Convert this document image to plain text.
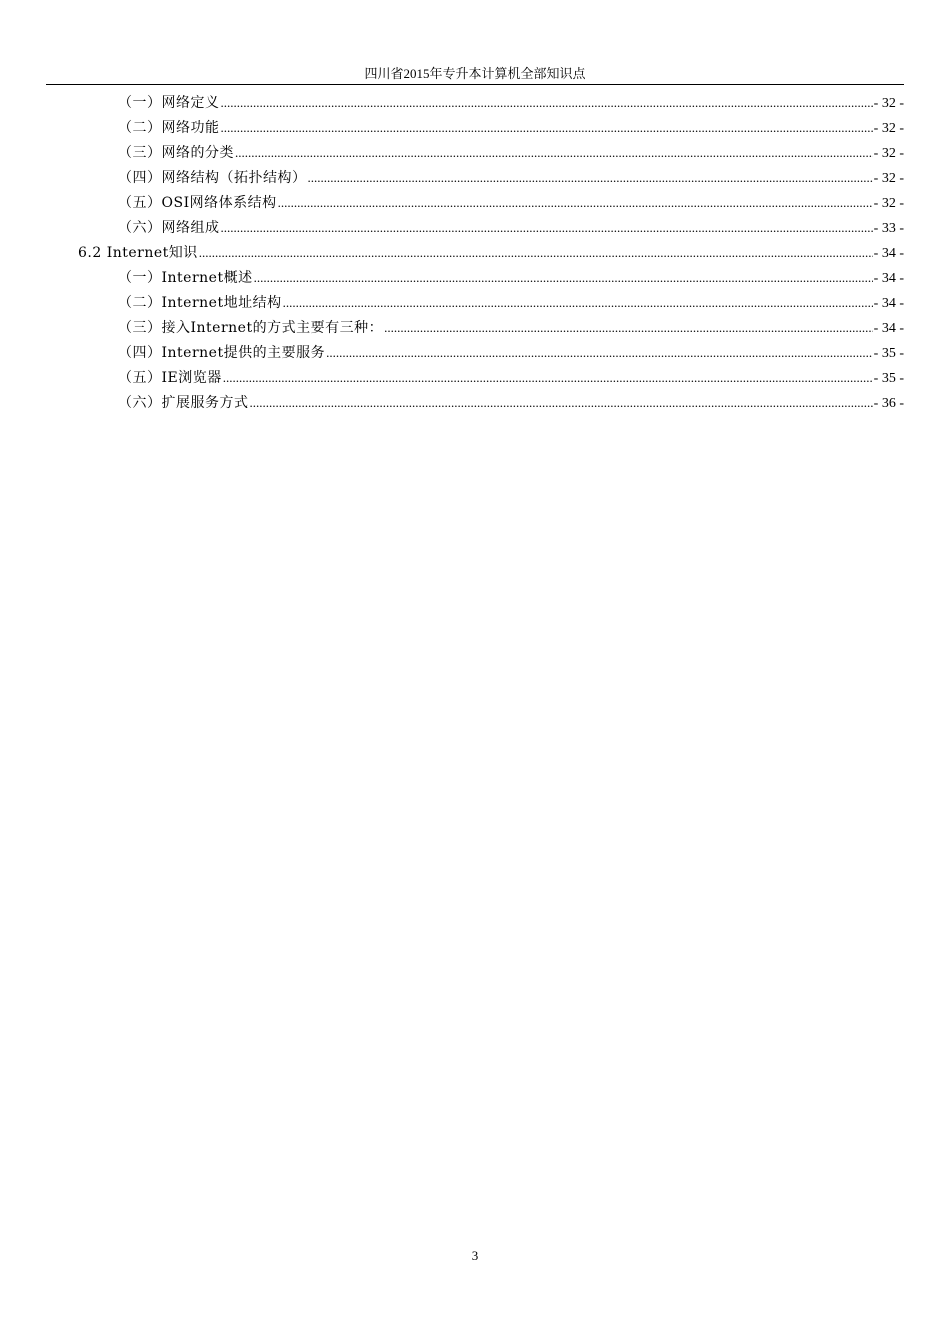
四川省2015年专升本计算机全部知识点
（一）网络定义 .....	- 32 -
（二）网络功能 .....	- 32 -
（三）网络的分类 .....	- 32 -
（四）网络结构（拓扑结构） .....	- 32 -
（五）OSI网络体系结构 .....	- 32 -
（六）网络组成 .....	- 33 -
6.2 Internet知识 .....	- 34 -
（一）Internet概述 .....	- 34 -
（二）Internet地址结构 .....	- 34 -
（三）接入Internet的方式主要有三种： .....	- 34 -
（四）Internet提供的主要服务 .....	- 35 -
（五）IE浏览器 .....	- 35 -
（六）扩展服务方式 .....	- 36 -
3
